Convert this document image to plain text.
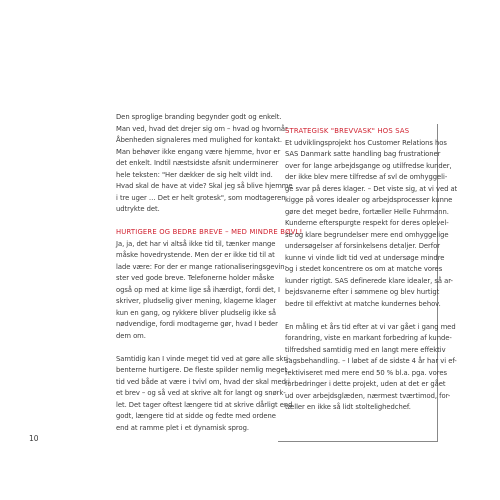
Den sproglige branding begynder godt og enkelt.

Man ved, hvad det drejer sig om – hvad og hvornår.

Åbenheden signaleres med mulighed for kontakt.

Man behøver ikke engang være hjemme, hvor er

det enkelt. Indtil næstsidste afsnit underminerer

hele teksten: "Her dækker de sig helt vildt ind.

Hvad skal de have at vide? Skal jeg så blive hjemme

i tre uger … Det er helt grotesk", som modtageren

udtrykte det.

HURTIGERE OG BEDRE BREVE – MED MINDRE BØVL!

Ja, ja, det har vi altså ikke tid til, tænker mange

måske hovedrystende. Men der er ikke tid til at

lade være: For der er mange rationaliseringsgevin-

ster ved gode breve. Telefonerne holder måske

også op med at kime lige så ihærdigt, fordi det, I

skriver, pludselig giver mening, klagerne klager

kun en gang, og rykkere bliver pludselig ikke så

nødvendige, fordi modtagerne gør, hvad I beder

dem om.

Samtidig kan I vinde meget tid ved at gøre alle skri-

benterne hurtigere. De fleste spilder nemlig meget

tid ved både at være i tvivl om, hvad der skal med i

et brev – og så ved at skrive alt for langt og snørk-

let. Det tager oftest længere tid at skrive dårligt end

godt, længere tid at sidde og fedte med ordene

end at ramme plet i et dynamisk sprog.

STRATEGISK "BREVVASK" HOS SAS

Et udviklingsprojekt hos Customer Relations hos

SAS Danmark satte handling bag frustrationer

over for lange arbejdsgange og utilfredse kunder,

der ikke blev mere tilfredse af svl de omhyggeli-

ge svar på deres klager. – Det viste sig, at vi ved at

kigge på vores idealer og arbejdsprocesser kunne

gøre det meget bedre, fortæller Helle Fuhrmann.

Kunderne efterspurgte respekt for deres oplevel-

se og klare begrundelser mere end omhyggelige

undersøgelser af forsinkelsens detaljer. Derfor

kunne vi vinde lidt tid ved at undersøge mindre

og i stedet koncentrere os om at matche vores

kunder rigtigt. SAS definerede klare idealer, så ar-

bejdsvanerne efter i sømmene og blev hurtigt

bedre til effektivt at matche kundernes behov.

En måling et års tid efter at vi var gået i gang med

forandring, viste en markant forbedring af kunde-

tilfredshed samtidig med en langt mere effektiv

sagsbehandling. – I løbet af de sidste 4 år har vi ef-

fektiviseret med mere end 50 % bl.a. pga. vores

forbedringer i dette projekt, uden at det er gået

ud over arbejdsglæden, nærmest tværtimod, for-

tæller en ikke så lidt stoltelighedchef.

10
